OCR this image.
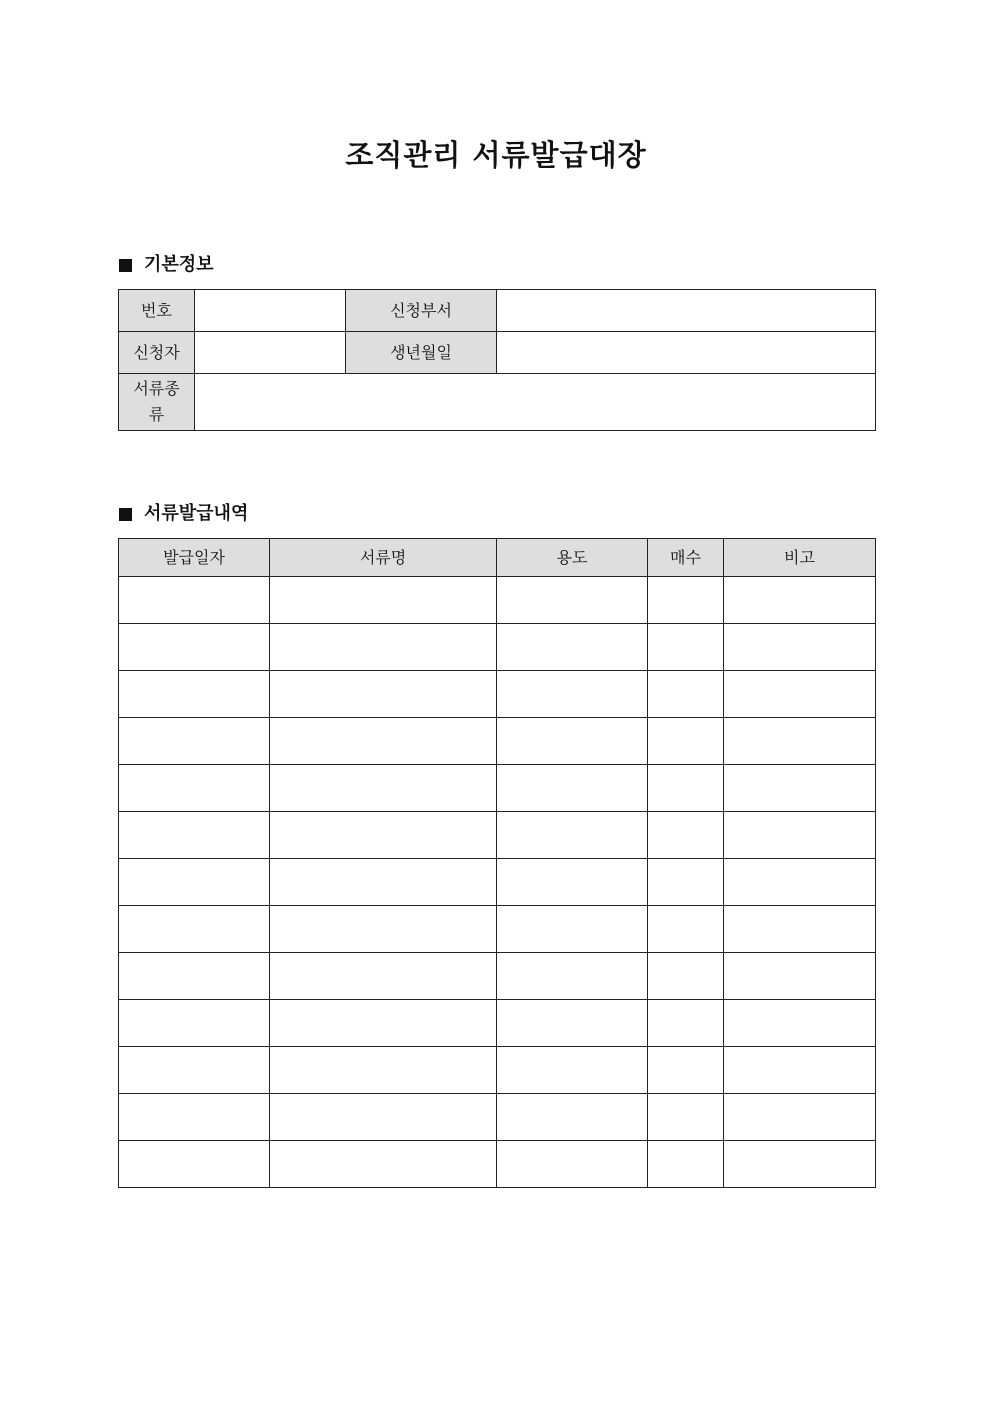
조직관리 서류발급대장
기본정보
번호		신청부서	
신청자		생년월일	
서류종류			
서류발급내역
발급일자	서류명	용도	매수	비고
